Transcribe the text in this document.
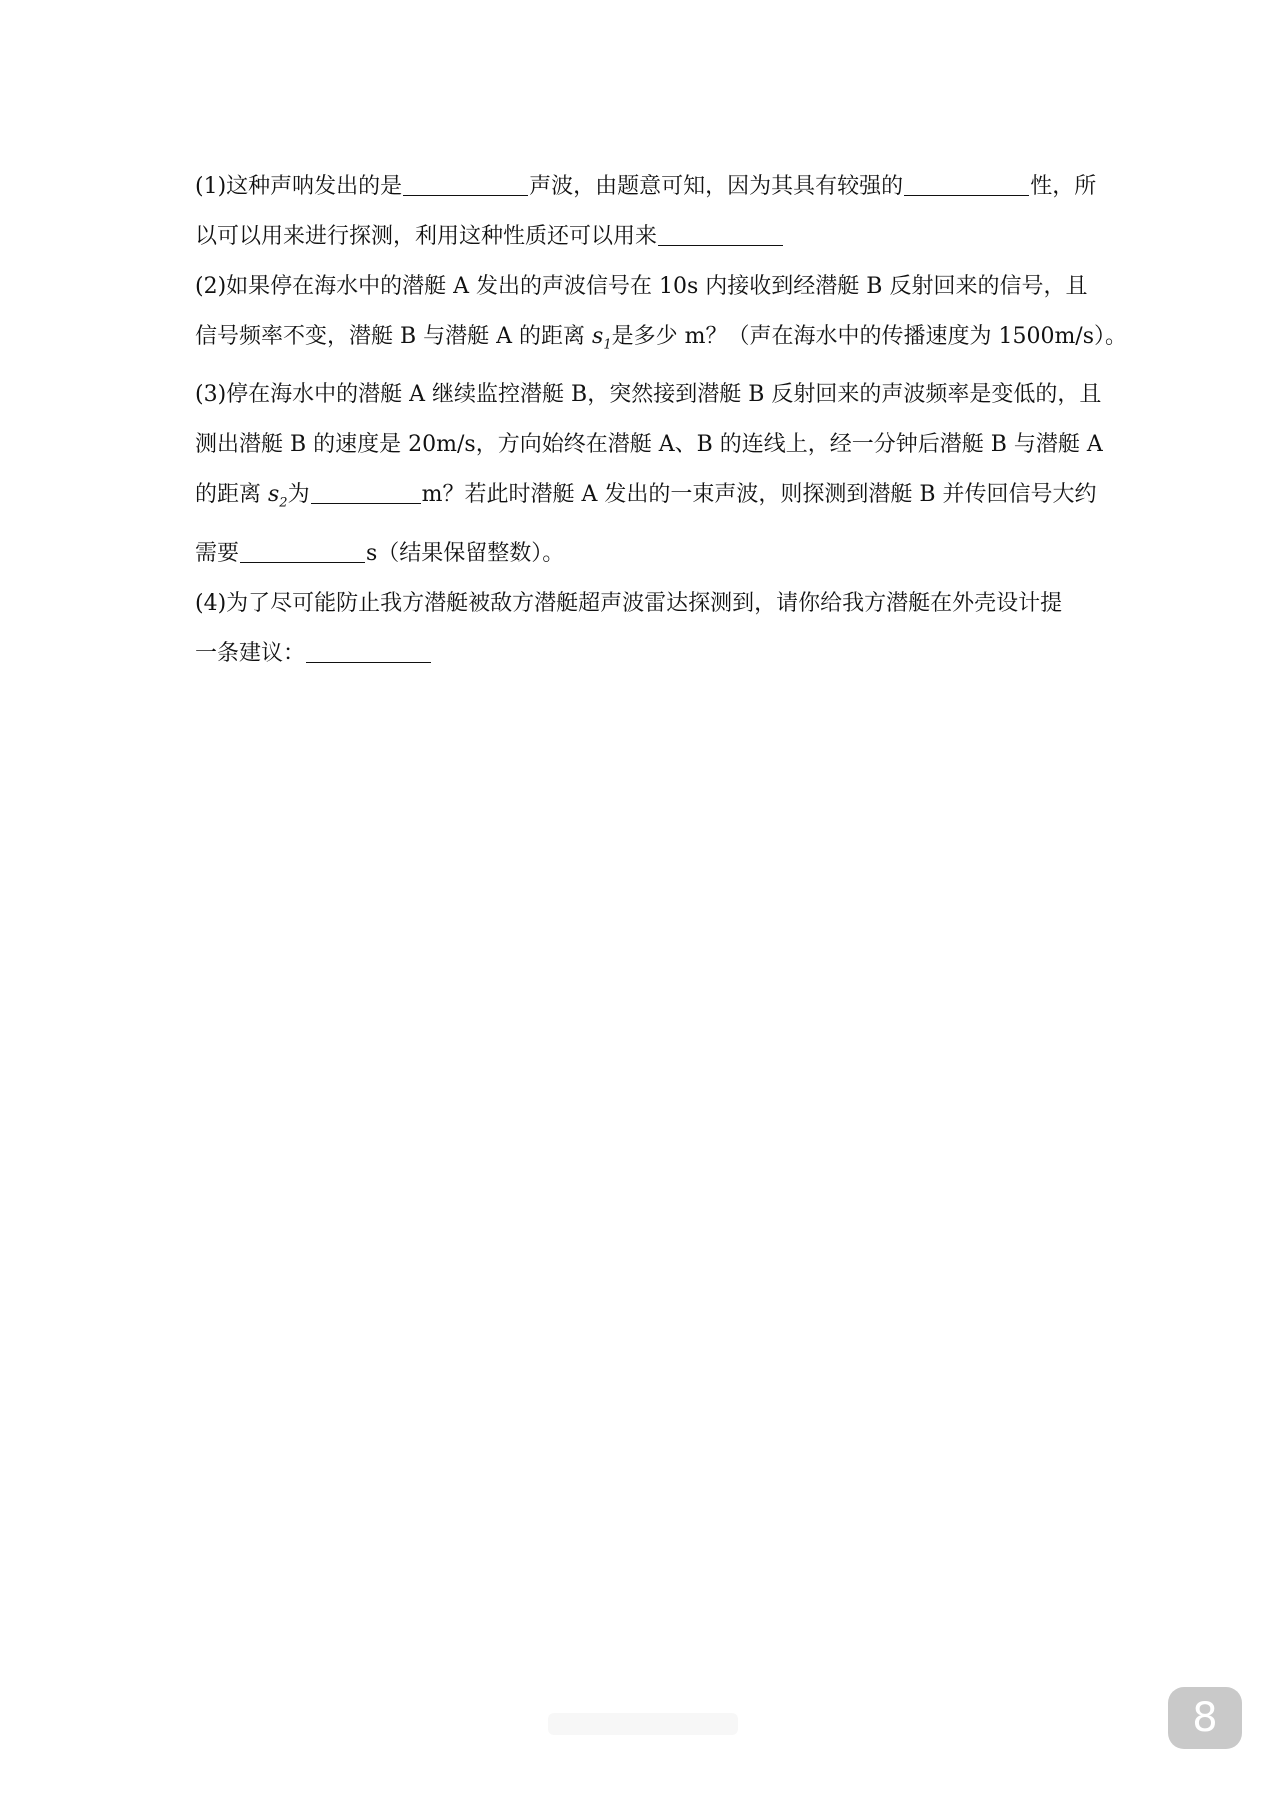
(1)这种声呐发出的是	声波，由题意可知，因为其具有较强的	性，所
以可以用来进行探测，利用这种性质还可以用来
(2)如果停在海水中的潜艇 A 发出的声波信号在 10s 内接收到经潜艇 B 反射回来的信号，且
信号频率不变，潜艇 B 与潜艇 A 的距离 $s_1$是多少 m？（声在海水中的传播速度为 1500m/s）。
(3)停在海水中的潜艇 A 继续监控潜艇 B，突然接到潜艇 B 反射回来的声波频率是变低的，且
测出潜艇 B 的速度是 20m/s，方向始终在潜艇 A、B 的连线上，经一分钟后潜艇 B 与潜艇 A
的距离 $s_2$为	m？若此时潜艇 A 发出的一束声波，则探测到潜艇 B 并传回信号大约
需要	s（结果保留整数）。
(4)为了尽可能防止我方潜艇被敌方潜艇超声波雷达探测到，请你给我方潜艇在外壳设计提
一条建议：
8
